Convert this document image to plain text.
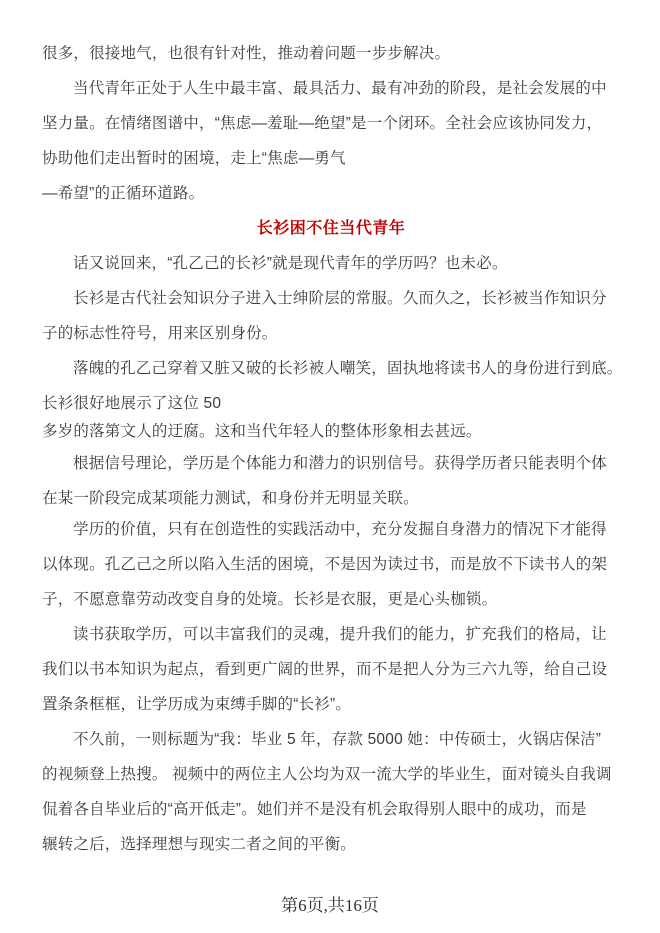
很多，很接地气，也很有针对性，推动着问题一步步解决。
当代青年正处于人生中最丰富、最具活力、最有冲劲的阶段，是社会发展的中
坚力量。在情绪图谱中，“焦虑—羞耻—绝望”是一个闭环。全社会应该协同发力，
协助他们走出暂时的困境，走上“焦虑—勇气
—希望”的正循环道路。
长衫困不住当代青年
话又说回来，“孔乙己的长衫”就是现代青年的学历吗？也未必。
长衫是古代社会知识分子进入士绅阶层的常服。久而久之，长衫被当作知识分
子的标志性符号，用来区别身份。
落魄的孔乙己穿着又脏又破的长衫被人嘲笑，固执地将读书人的身份进行到底。
长衫很好地展示了这位 50
多岁的落第文人的迂腐。这和当代年轻人的整体形象相去甚远。
根据信号理论，学历是个体能力和潜力的识别信号。获得学历者只能表明个体
在某一阶段完成某项能力测试，和身份并无明显关联。
学历的价值，只有在创造性的实践活动中，充分发掘自身潜力的情况下才能得
以体现。孔乙己之所以陷入生活的困境，不是因为读过书，而是放不下读书人的架
子，不愿意靠劳动改变自身的处境。长衫是衣服，更是心头枷锁。
读书获取学历，可以丰富我们的灵魂，提升我们的能力，扩充我们的格局，让
我们以书本知识为起点，看到更广阔的世界，而不是把人分为三六九等，给自己设
置条条框框，让学历成为束缚手脚的“长衫”。
不久前，一则标题为“我：毕业 5 年，存款 5000 她：中传硕士，火锅店保洁”
的视频登上热搜。 视频中的两位主人公均为双一流大学的毕业生，面对镜头自我调
侃着各自毕业后的“高开低走”。她们并不是没有机会取得别人眼中的成功，而是
辗转之后，选择理想与现实二者之间的平衡。
第6页,共16页
